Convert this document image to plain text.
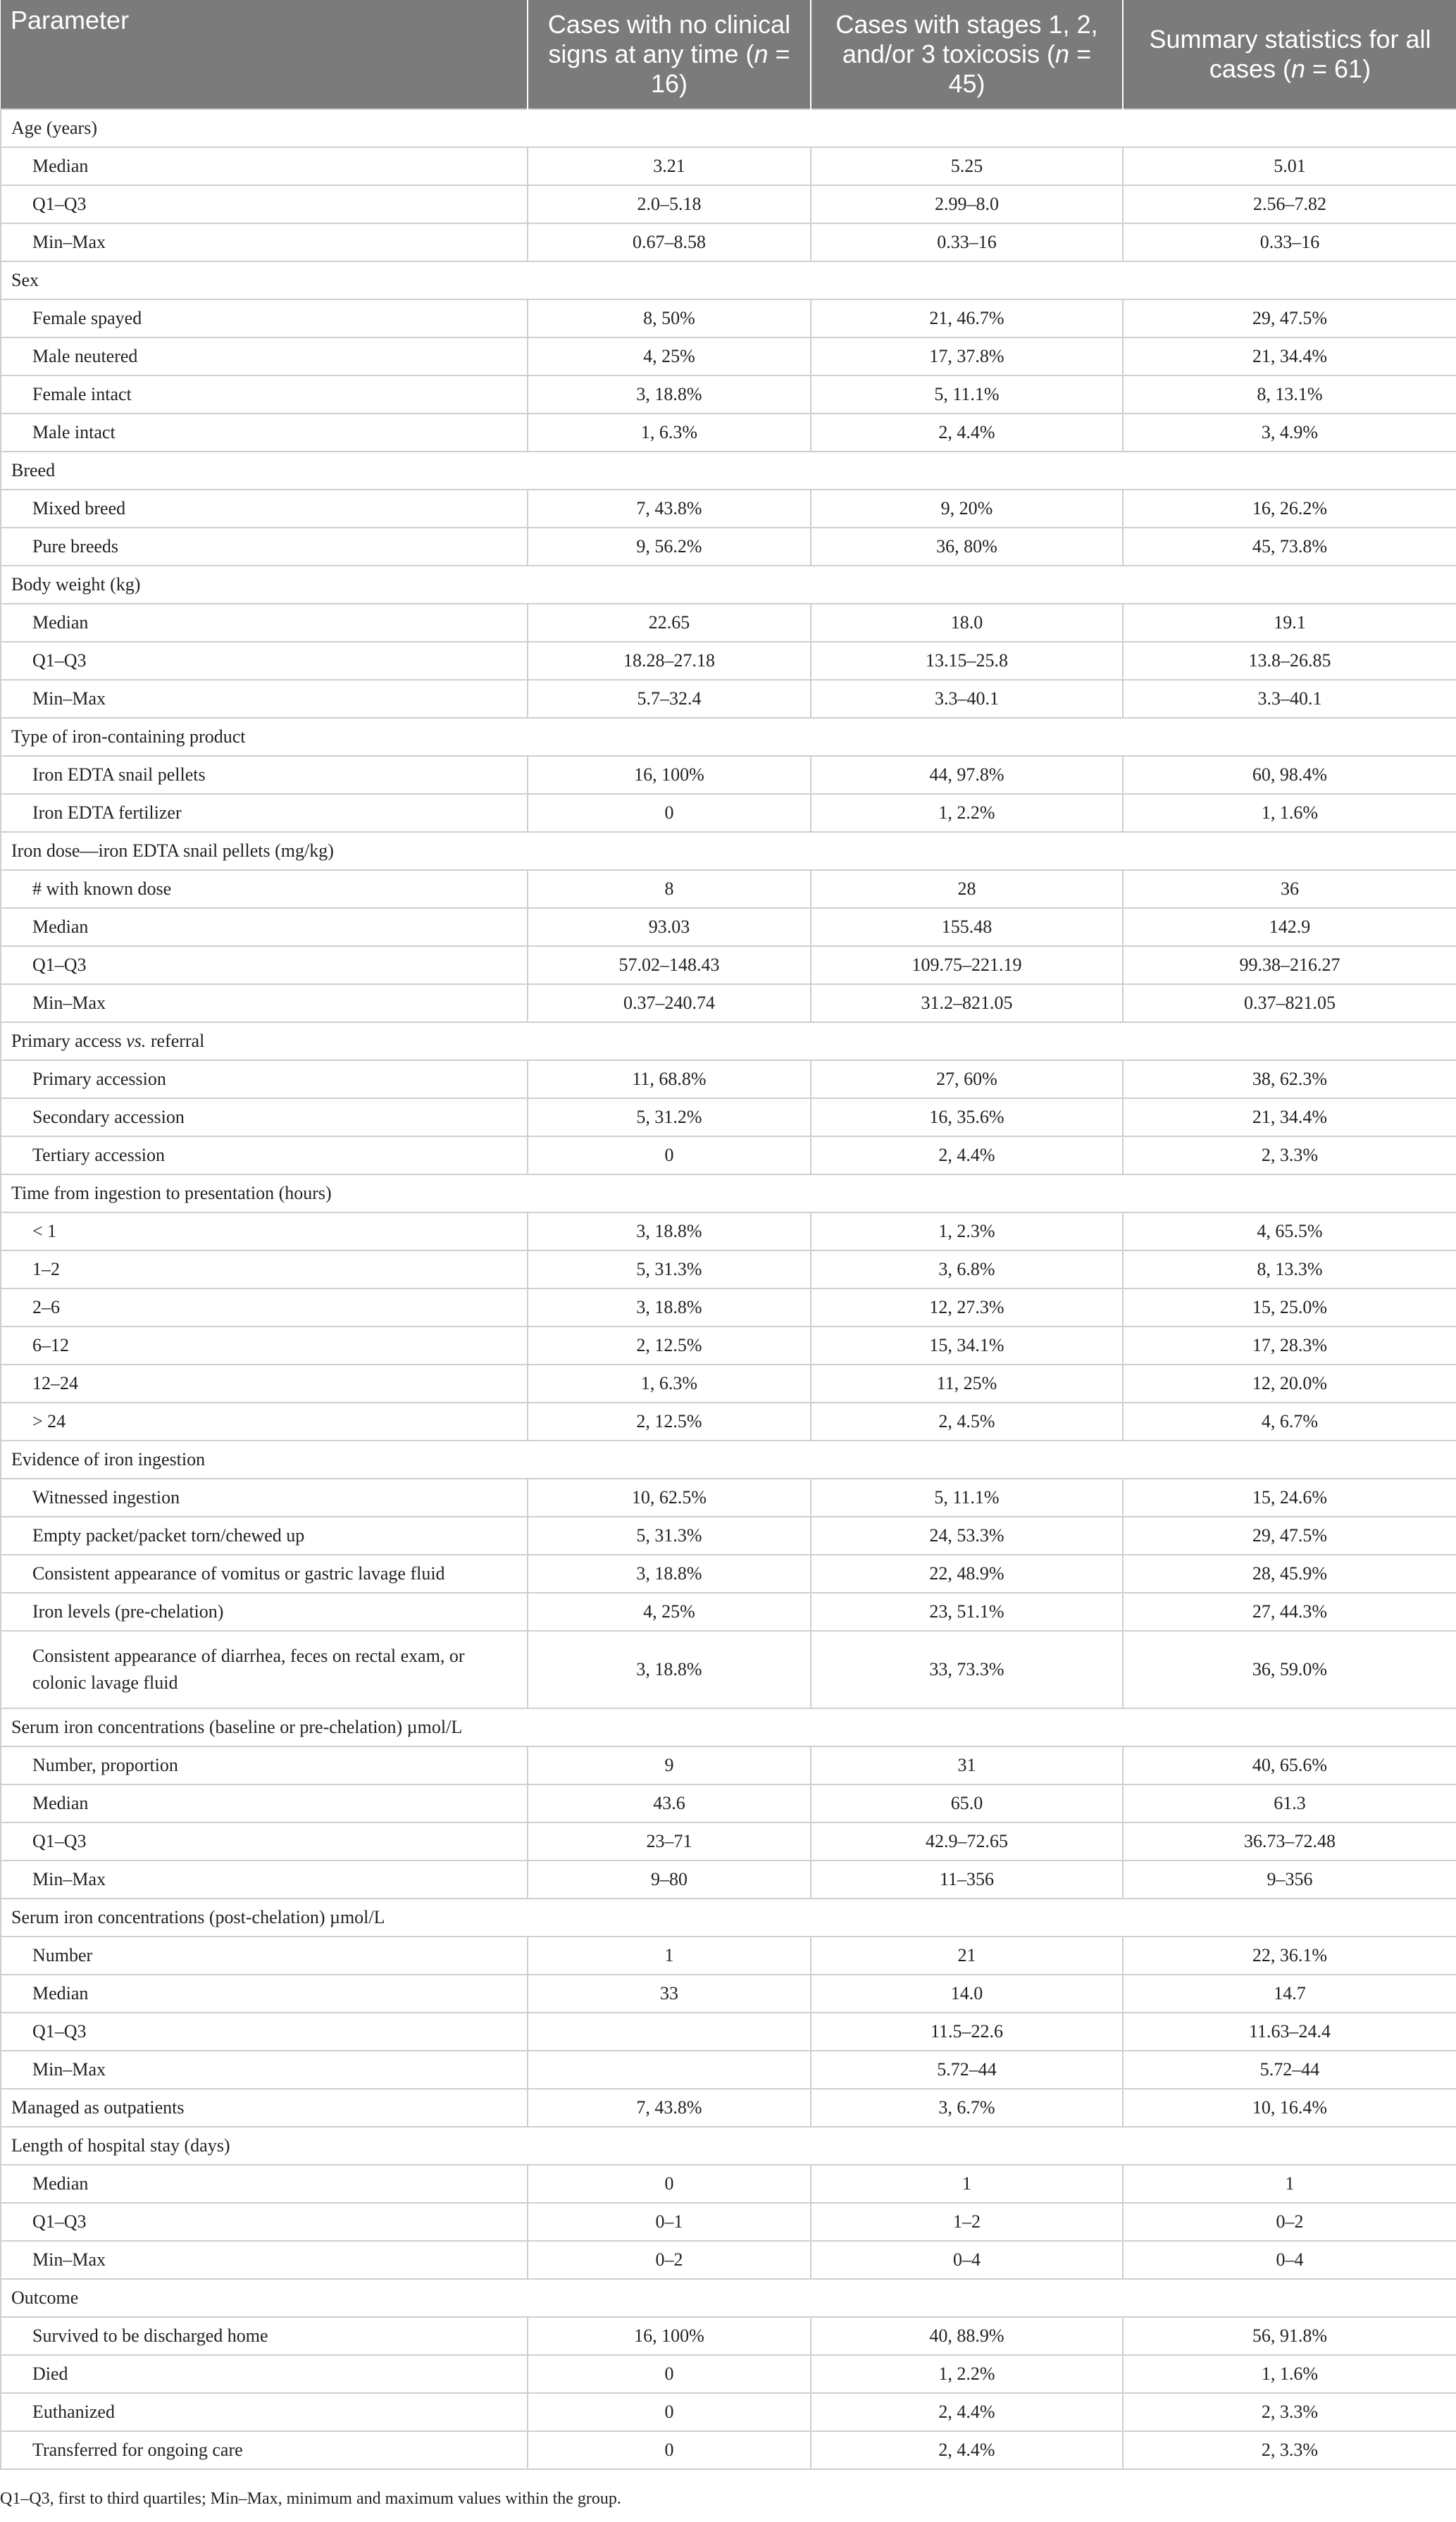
Parameter	Cases with no clinical signs at any time (n = 16)	Cases with stages 1, 2, and/or 3 toxicosis (n = 45)	Summary statistics for all cases (n = 61)
Age (years)			
Median	3.21	5.25	5.01
Q1–Q3	2.0–5.18	2.99–8.0	2.56–7.82
Min–Max	0.67–8.58	0.33–16	0.33–16
Sex			
Female spayed	8, 50%	21, 46.7%	29, 47.5%
Male neutered	4, 25%	17, 37.8%	21, 34.4%
Female intact	3, 18.8%	5, 11.1%	8, 13.1%
Male intact	1, 6.3%	2, 4.4%	3, 4.9%
Breed			
Mixed breed	7, 43.8%	9, 20%	16, 26.2%
Pure breeds	9, 56.2%	36, 80%	45, 73.8%
Body weight (kg)			
Median	22.65	18.0	19.1
Q1–Q3	18.28–27.18	13.15–25.8	13.8–26.85
Min–Max	5.7–32.4	3.3–40.1	3.3–40.1
Type of iron-containing product			
Iron EDTA snail pellets	16, 100%	44, 97.8%	60, 98.4%
Iron EDTA fertilizer	0	1, 2.2%	1, 1.6%
Iron dose—iron EDTA snail pellets (mg/kg)			
# with known dose	8	28	36
Median	93.03	155.48	142.9
Q1–Q3	57.02–148.43	109.75–221.19	99.38–216.27
Min–Max	0.37–240.74	31.2–821.05	0.37–821.05
Primary access vs. referral			
Primary accession	11, 68.8%	27, 60%	38, 62.3%
Secondary accession	5, 31.2%	16, 35.6%	21, 34.4%
Tertiary accession	0	2, 4.4%	2, 3.3%
Time from ingestion to presentation (hours)			
< 1	3, 18.8%	1, 2.3%	4, 65.5%
1–2	5, 31.3%	3, 6.8%	8, 13.3%
2–6	3, 18.8%	12, 27.3%	15, 25.0%
6–12	2, 12.5%	15, 34.1%	17, 28.3%
12–24	1, 6.3%	11, 25%	12, 20.0%
> 24	2, 12.5%	2, 4.5%	4, 6.7%
Evidence of iron ingestion			
Witnessed ingestion	10, 62.5%	5, 11.1%	15, 24.6%
Empty packet/packet torn/chewed up	5, 31.3%	24, 53.3%	29, 47.5%
Consistent appearance of vomitus or gastric lavage fluid	3, 18.8%	22, 48.9%	28, 45.9%
Iron levels (pre-chelation)	4, 25%	23, 51.1%	27, 44.3%
Consistent appearance of diarrhea, feces on rectal exam, or colonic lavage fluid	3, 18.8%	33, 73.3%	36, 59.0%
Serum iron concentrations (baseline or pre-chelation) µmol/L			
Number, proportion	9	31	40, 65.6%
Median	43.6	65.0	61.3
Q1–Q3	23–71	42.9–72.65	36.73–72.48
Min–Max	9–80	11–356	9–356
Serum iron concentrations (post-chelation) µmol/L			
Number	1	21	22, 36.1%
Median	33	14.0	14.7
Q1–Q3		11.5–22.6	11.63–24.4
Min–Max		5.72–44	5.72–44
Managed as outpatients	7, 43.8%	3, 6.7%	10, 16.4%
Length of hospital stay (days)			
Median	0	1	1
Q1–Q3	0–1	1–2	0–2
Min–Max	0–2	0–4	0–4
Outcome			
Survived to be discharged home	16, 100%	40, 88.9%	56, 91.8%
Died	0	1, 2.2%	1, 1.6%
Euthanized	0	2, 4.4%	2, 3.3%
Transferred for ongoing care	0	2, 4.4%	2, 3.3%
Q1–Q3, first to third quartiles; Min–Max, minimum and maximum values within the group.
